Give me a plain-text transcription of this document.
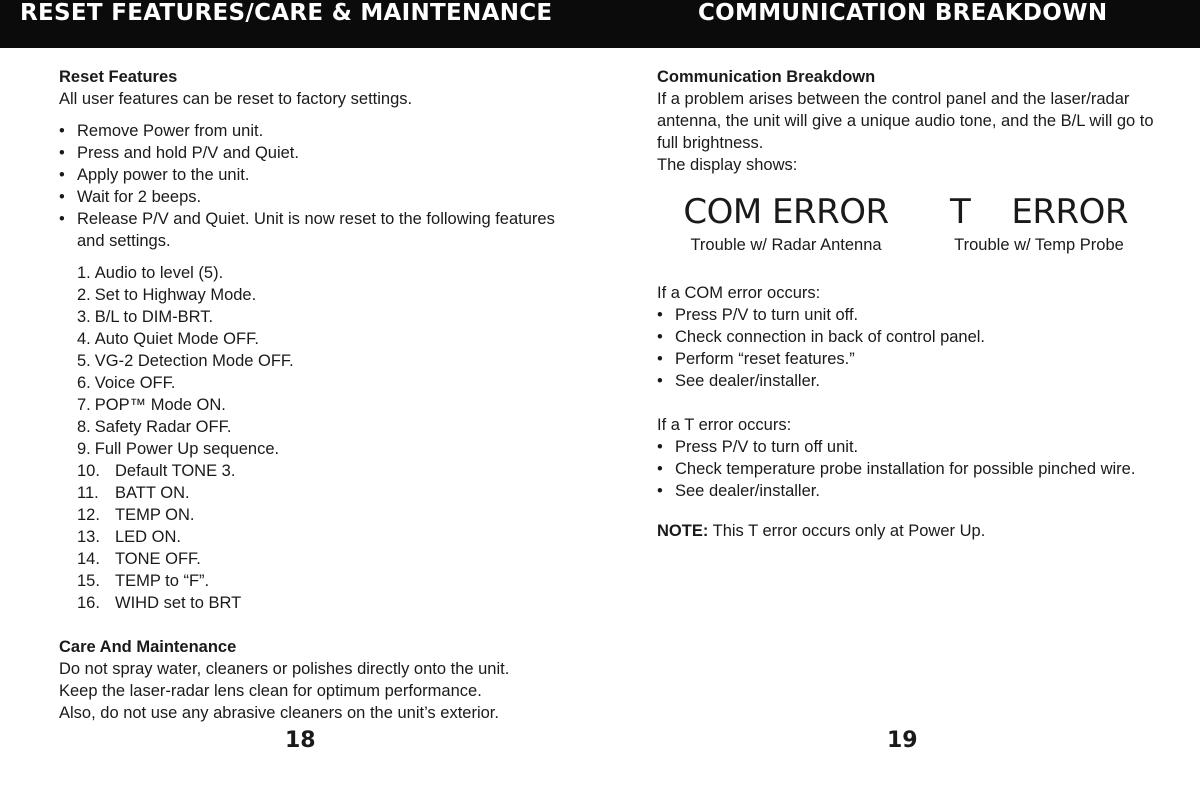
RESET FEATURES/CARE & MAINTENANCE	COMMUNICATION BREAKDOWN
Reset Features
All user features can be reset to factory settings.
• Remove Power from unit.
• Press and hold P/V and Quiet.
• Apply power to the unit.
• Wait for 2 beeps.
• Release P/V and Quiet. Unit is now reset to the following features and settings.
1. Audio to level (5).
2. Set to Highway Mode.
3. B/L to DIM-BRT.
4. Auto Quiet Mode OFF.
5. VG-2 Detection Mode OFF.
6. Voice OFF.
7. POP™ Mode ON.
8. Safety Radar OFF.
9. Full Power Up sequence.
10. Default TONE 3.
11. BATT ON.
12. TEMP ON.
13. LED ON.
14. TONE OFF.
15. TEMP to “F”.
16. WIHD set to BRT
Care And Maintenance
Do not spray water, cleaners or polishes directly onto the unit.
Keep the laser-radar lens clean for optimum performance.
Also, do not use any abrasive cleaners on the unit’s exterior.
18
Communication Breakdown
If a problem arises between the control panel and the laser/radar antenna, the unit will give a unique audio tone, and the B/L will go to full brightness.
The display shows:
COM ERROR
Trouble w/ Radar Antenna
T    ERROR
Trouble w/ Temp Probe
If a COM error occurs:
• Press P/V to turn unit off.
• Check connection in back of control panel.
• Perform “reset features.”
• See dealer/installer.
If a T error occurs:
• Press P/V to turn off unit.
• Check temperature probe installation for possible pinched wire.
• See dealer/installer.
NOTE: This T error occurs only at Power Up.
19
